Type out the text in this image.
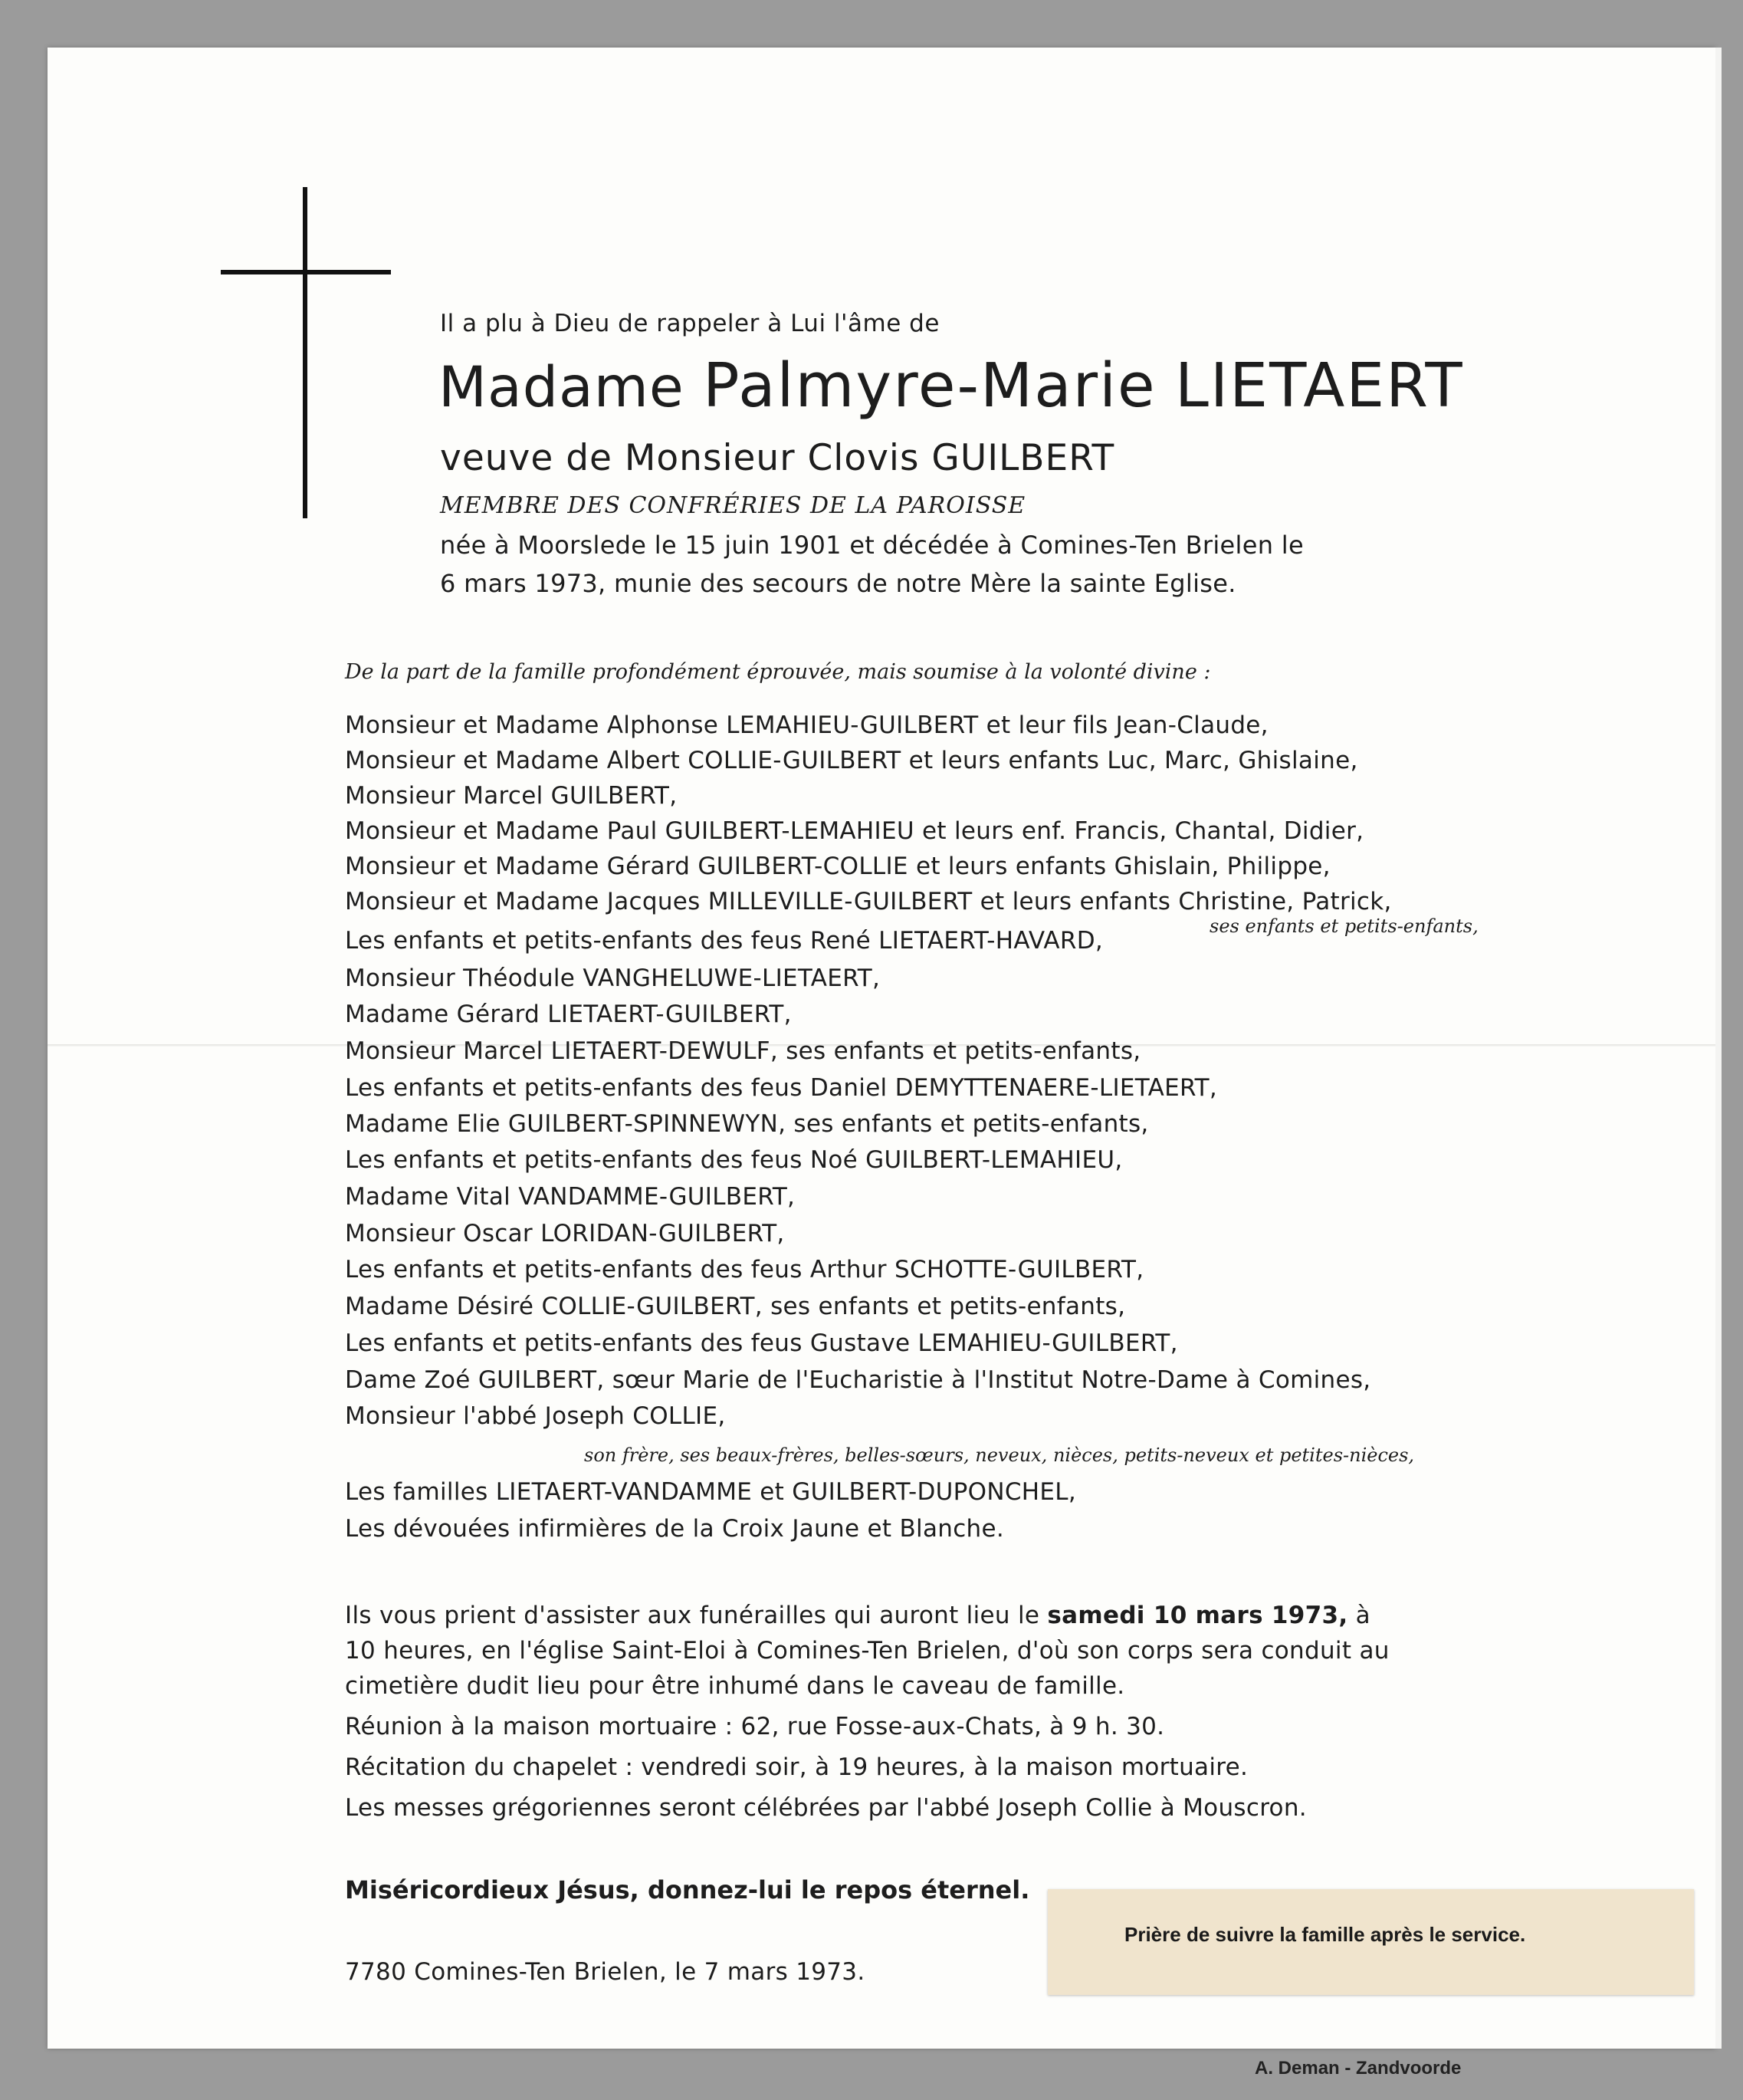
Il a plu à Dieu de rappeler à Lui l'âme de
Madame Palmyre-Marie LIETAERT
veuve de Monsieur Clovis GUILBERT
MEMBRE DES CONFRÉRIES DE LA PAROISSE
née à Moorslede le 15 juin 1901 et décédée à Comines-Ten Brielen le
6 mars 1973, munie des secours de notre Mère la sainte Eglise.
De la part de la famille profondément éprouvée, mais soumise à la volonté divine :
Monsieur et Madame Alphonse LEMAHIEU-GUILBERT et leur fils Jean-Claude,
Monsieur et Madame Albert COLLIE-GUILBERT et leurs enfants Luc, Marc, Ghislaine,
Monsieur Marcel GUILBERT,
Monsieur et Madame Paul GUILBERT-LEMAHIEU et leurs enf. Francis, Chantal, Didier,
Monsieur et Madame Gérard GUILBERT-COLLIE et leurs enfants Ghislain, Philippe,
Monsieur et Madame Jacques MILLEVILLE-GUILBERT et leurs enfants Christine, Patrick,
Les enfants et petits-enfants des feus René LIETAERT-HAVARD,
ses enfants et petits-enfants,
Monsieur Théodule VANGHELUWE-LIETAERT,
Madame Gérard LIETAERT-GUILBERT,
Monsieur Marcel LIETAERT-DEWULF, ses enfants et petits-enfants,
Les enfants et petits-enfants des feus Daniel DEMYTTENAERE-LIETAERT,
Madame Elie GUILBERT-SPINNEWYN, ses enfants et petits-enfants,
Les enfants et petits-enfants des feus Noé GUILBERT-LEMAHIEU,
Madame Vital VANDAMME-GUILBERT,
Monsieur Oscar LORIDAN-GUILBERT,
Les enfants et petits-enfants des feus Arthur SCHOTTE-GUILBERT,
Madame Désiré COLLIE-GUILBERT, ses enfants et petits-enfants,
Les enfants et petits-enfants des feus Gustave LEMAHIEU-GUILBERT,
Dame Zoé GUILBERT, sœur Marie de l'Eucharistie à l'Institut Notre-Dame à Comines,
Monsieur l'abbé Joseph COLLIE,
son frère, ses beaux-frères, belles-sœurs, neveux, nièces, petits-neveux et petites-nièces,
Les familles LIETAERT-VANDAMME et GUILBERT-DUPONCHEL,
Les dévouées infirmières de la Croix Jaune et Blanche.
Ils vous prient d'assister aux funérailles qui auront lieu le samedi 10 mars 1973, à
10 heures, en l'église Saint-Eloi à Comines-Ten Brielen, d'où son corps sera conduit au
cimetière dudit lieu pour être inhumé dans le caveau de famille.
Réunion à la maison mortuaire : 62, rue Fosse-aux-Chats, à 9 h. 30.
Récitation du chapelet : vendredi soir, à 19 heures, à la maison mortuaire.
Les messes grégoriennes seront célébrées par l'abbé Joseph Collie à Mouscron.
Miséricordieux Jésus, donnez-lui le repos éternel.
7780 Comines-Ten Brielen, le 7 mars 1973.
Prière de suivre la famille après le service.
A. Deman - Zandvoorde
